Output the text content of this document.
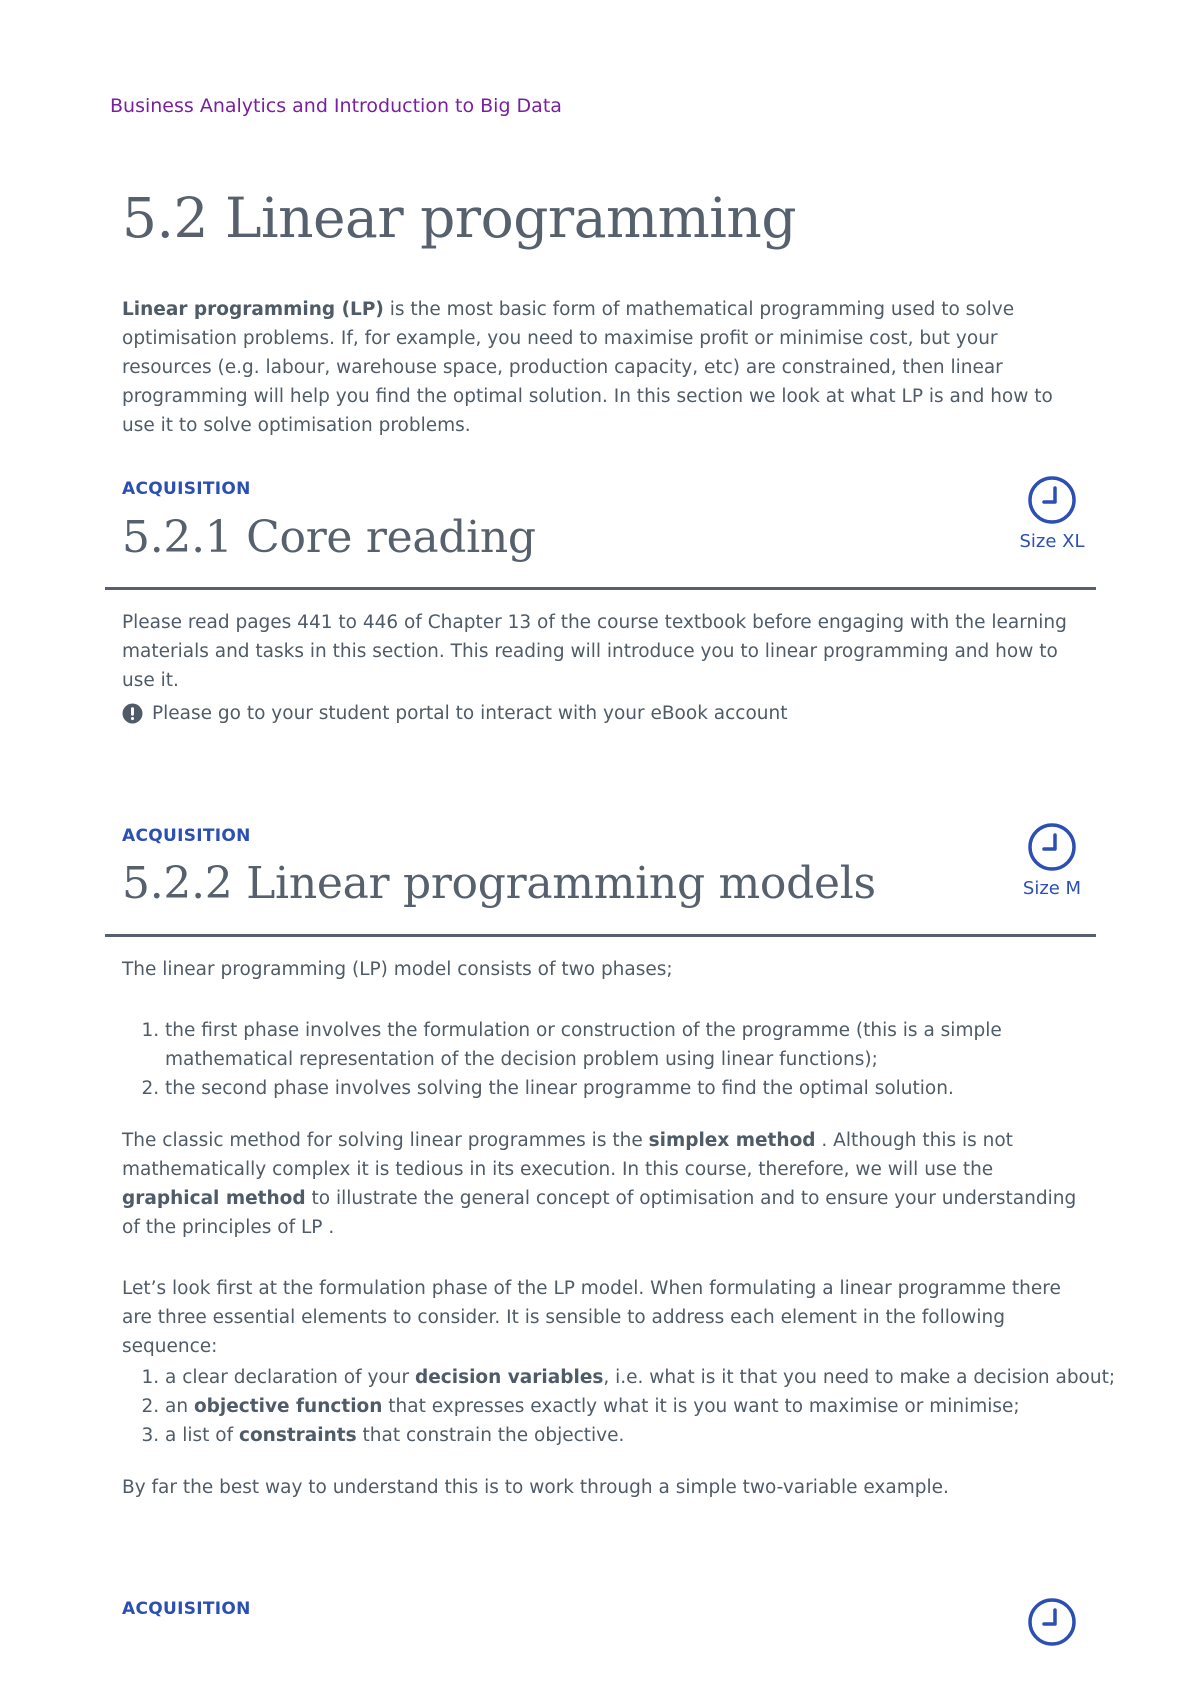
Business Analytics and Introduction to Big Data
5.2 Linear programming

Linear programming (LP) is the most basic form of mathematical programming used to solve optimisation problems. If, for example, you need to maximise profit or minimise cost, but your resources (e.g. labour, warehouse space, production capacity, etc) are constrained, then linear programming will help you find the optimal solution. In this section we look at what LP is and how to use it to solve optimisation problems.

ACQUISITION
5.2.1 Core reading	Size XL

Please read pages 441 to 446 of Chapter 13 of the course textbook before engaging with the learning materials and tasks in this section. This reading will introduce you to linear programming and how to use it.

Please go to your student portal to interact with your eBook account
ACQUISITION
5.2.2 Linear programming models	Size M

The linear programming (LP) model consists of two phases;

1. the first phase involves the formulation or construction of the programme (this is a simple mathematical representation of the decision problem using linear functions);
2. the second phase involves solving the linear programme to find the optimal solution.

The classic method for solving linear programmes is the simplex method . Although this is not mathematically complex it is tedious in its execution. In this course, therefore, we will use the graphical method to illustrate the general concept of optimisation and to ensure your understanding of the principles of LP .

Let’s look first at the formulation phase of the LP model. When formulating a linear programme there are three essential elements to consider. It is sensible to address each element in the following sequence:

1. a clear declaration of your decision variables, i.e. what is it that you need to make a decision about;
2. an objective function that expresses exactly what it is you want to maximise or minimise;
3. a list of constraints that constrain the objective.

By far the best way to understand this is to work through a simple two-variable example.

ACQUISITION
